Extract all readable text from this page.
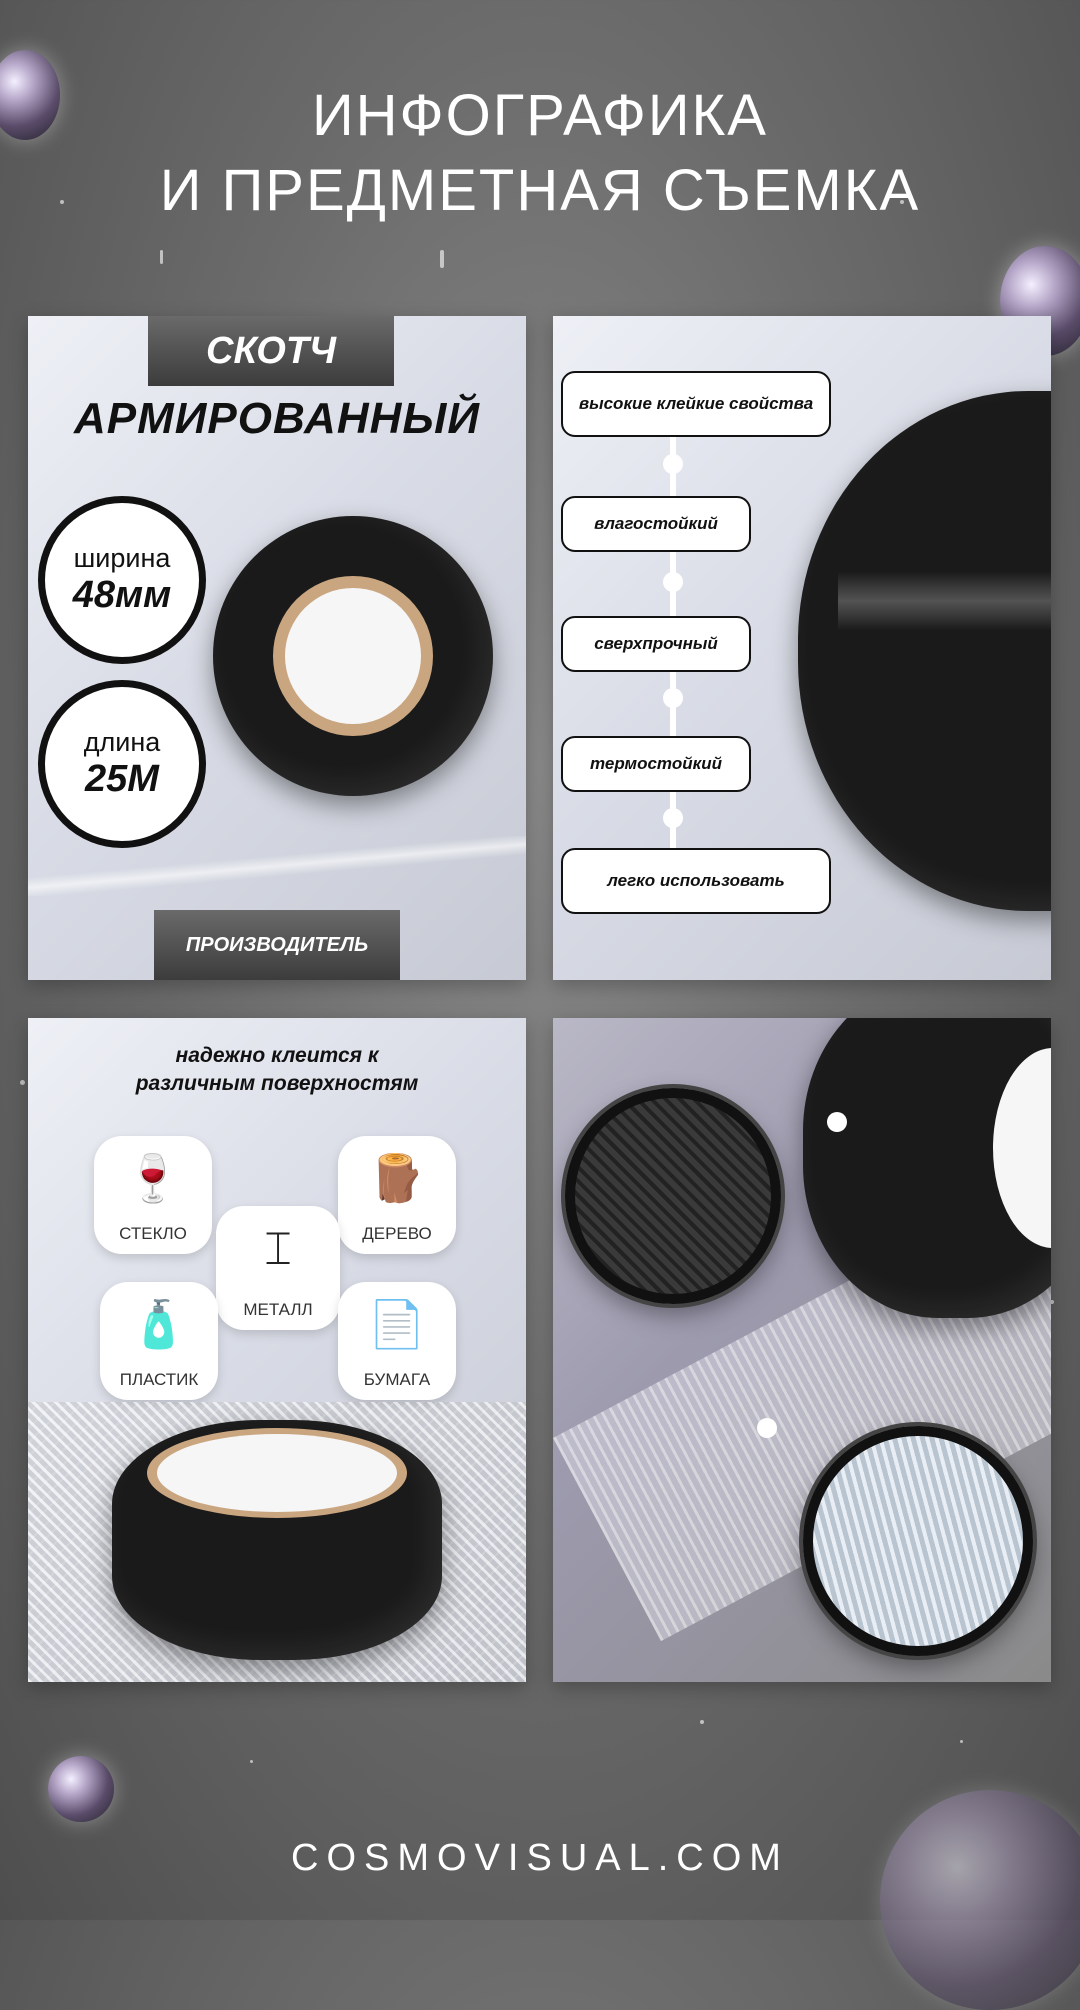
ИНФОГРАФИКА
И ПРЕДМЕТНАЯ СЪЕМКА
СКОТЧ
АРМИРОВАННЫЙ
ширина
48мм
длина
25М
ПРОИЗВОДИТЕЛЬ
высокие клейкие свойства
влагостойкий
сверхпрочный
термостойкий
легко использовать
надежно клеится к
различным поверхностям
🍷
СТЕКЛО
🪵
ДЕРЕВО
⌶
МЕТАЛЛ
🧴
ПЛАСТИК
📄
БУМАГА
COSMOVISUAL.COM
